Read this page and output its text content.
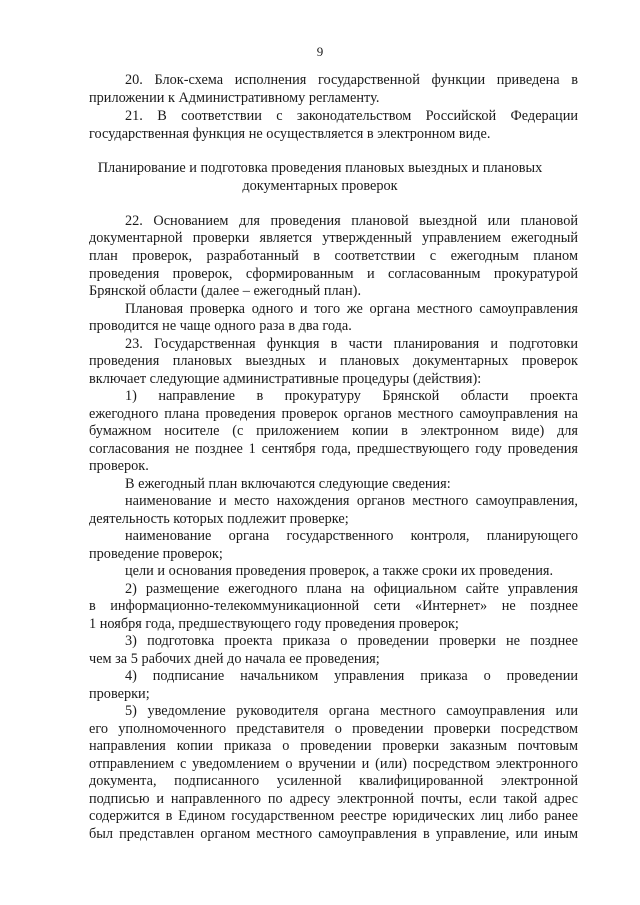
9
20. Блок-схема исполнения государственной функции приведена в
приложении к Административному регламенту.
21. В соответствии с законодательством Российской Федерации
государственная функция не осуществляется в электронном виде.
Планирование и подготовка проведения плановых выездных и плановых
документарных проверок
22. Основанием для проведения плановой выездной или плановой
документарной проверки является утвержденный управлением ежегодный
план проверок, разработанный в соответствии с ежегодным планом
проведения проверок, сформированным и согласованным прокуратурой
Брянской области (далее – ежегодный план).
Плановая проверка одного и того же органа местного самоуправления
проводится не чаще одного раза в два года.
23. Государственная функция в части планирования и подготовки
проведения плановых выездных и плановых документарных проверок
включает следующие административные процедуры (действия):
1) направление в прокуратуру Брянской области проекта
ежегодного плана проведения проверок органов местного самоуправления на
бумажном носителе (с приложением копии в электронном виде) для
согласования не позднее 1 сентября года, предшествующего году проведения
проверок.
В ежегодный план включаются следующие сведения:
наименование и место нахождения органов местного самоуправления,
деятельность которых подлежит проверке;
наименование органа государственного контроля, планирующего
проведение проверок;
цели и основания проведения проверок, а также сроки их проведения.
2) размещение ежегодного плана на официальном сайте управления
в информационно-телекоммуникационной сети «Интернет» не позднее
1 ноября года, предшествующего году проведения проверок;
3) подготовка проекта приказа о проведении проверки не позднее
чем за 5 рабочих дней до начала ее проведения;
4) подписание начальником управления приказа о проведении
проверки;
5) уведомление руководителя органа местного самоуправления или
его уполномоченного представителя о проведении проверки посредством
направления копии приказа о проведении проверки заказным почтовым
отправлением с уведомлением о вручении и (или) посредством электронного
документа, подписанного усиленной квалифицированной электронной
подписью и направленного по адресу электронной почты, если такой адрес
содержится в Едином государственном реестре юридических лиц либо ранее
был представлен органом местного самоуправления в управление, или иным
